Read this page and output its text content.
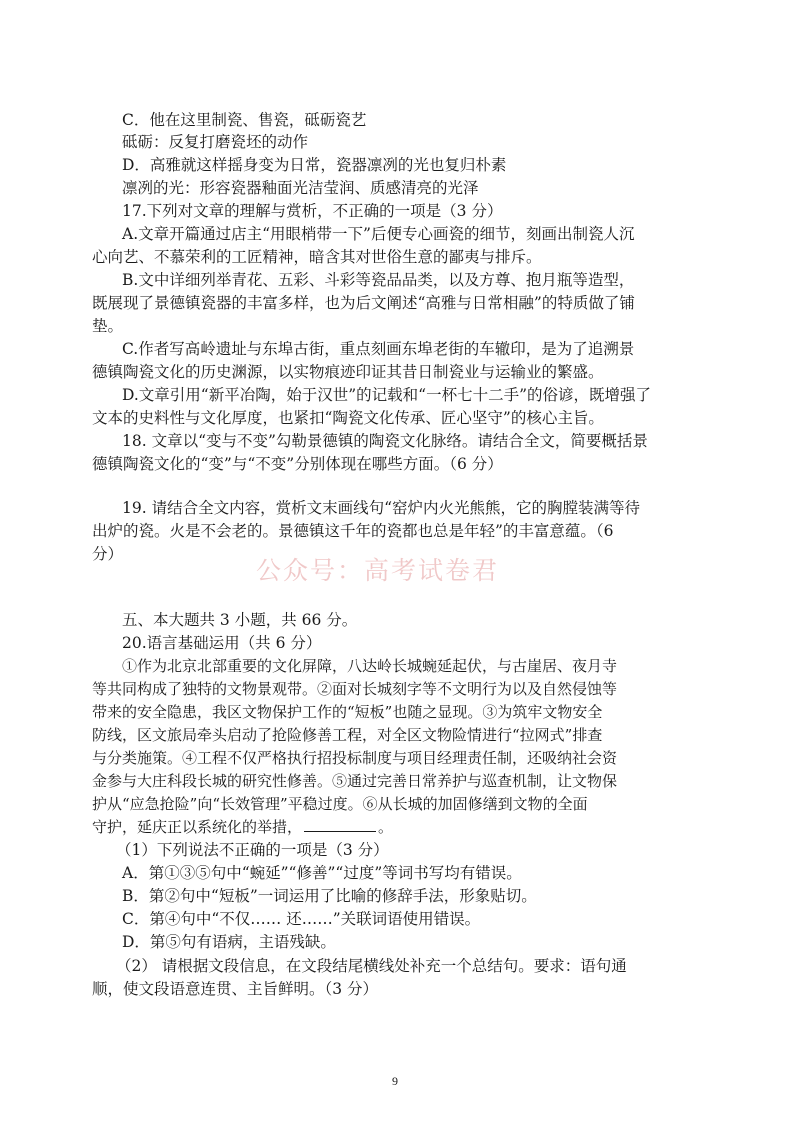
C．他在这里制瓷、售瓷，砥砺瓷艺
砥砺：反复打磨瓷坯的动作
D．高雅就这样摇身变为日常，瓷器凛冽的光也复归朴素
凛冽的光：形容瓷器釉面光洁莹润、质感清亮的光泽
17.下列对文章的理解与赏析，不正确的一项是（3 分）
A.文章开篇通过店主“用眼梢带一下”后便专心画瓷的细节，刻画出制瓷人沉
心向艺、不慕荣利的工匠精神，暗含其对世俗生意的鄙夷与排斥。
B.文中详细列举青花、五彩、斗彩等瓷品品类，以及方尊、抱月瓶等造型，
既展现了景德镇瓷器的丰富多样，也为后文阐述“高雅与日常相融”的特质做了铺
垫。
C.作者写高岭遗址与东埠古街，重点刻画东埠老街的车辙印，是为了追溯景
德镇陶瓷文化的历史渊源，以实物痕迹印证其昔日制瓷业与运输业的繁盛。
D.文章引用“新平冶陶，始于汉世”的记载和“一杯七十二手”的俗谚，既增强了
文本的史料性与文化厚度，也紧扣“陶瓷文化传承、匠心坚守”的核心主旨。
18. 文章以“变与不变”勾勒景德镇的陶瓷文化脉络。请结合全文，简要概括景
德镇陶瓷文化的“变”与“不变”分别体现在哪些方面。（6 分）
19. 请结合全文内容，赏析文末画线句“窑炉内火光熊熊，它的胸膛装满等待
出炉的瓷。火是不会老的。景德镇这千年的瓷都也总是年轻”的丰富意蕴。（6
分）
公众号：高考试卷君
五、本大题共 3 小题，共 66 分。
20.语言基础运用（共 6 分）
①作为北京北部重要的文化屏障，八达岭长城蜿延起伏，与古崖居、夜月寺
等共同构成了独特的文物景观带。②面对长城刻字等不文明行为以及自然侵蚀等
带来的安全隐患，我区文物保护工作的“短板”也随之显现。③为筑牢文物安全
防线，区文旅局牵头启动了抢险修善工程，对全区文物险情进行“拉网式”排查
与分类施策。④工程不仅严格执行招投标制度与项目经理责任制，还吸纳社会资
金参与大庄科段长城的研究性修善。⑤通过完善日常养护与巡查机制，让文物保
护从“应急抢险”向“长效管理”平稳过度。⑥从长城的加固修缮到文物的全面
守护，延庆正以系统化的举措，	。
（1）下列说法不正确的一项是（3 分）
A．第①③⑤句中“蜿延”“修善”“过度”等词书写均有错误。
B．第②句中“短板”一词运用了比喻的修辞手法，形象贴切。
C．第④句中“不仅…… 还……”关联词语使用错误。
D．第⑤句有语病，主语残缺。
（2） 请根据文段信息，在文段结尾横线处补充一个总结句。要求：语句通
顺，使文段语意连贯、主旨鲜明。（3 分）
9
